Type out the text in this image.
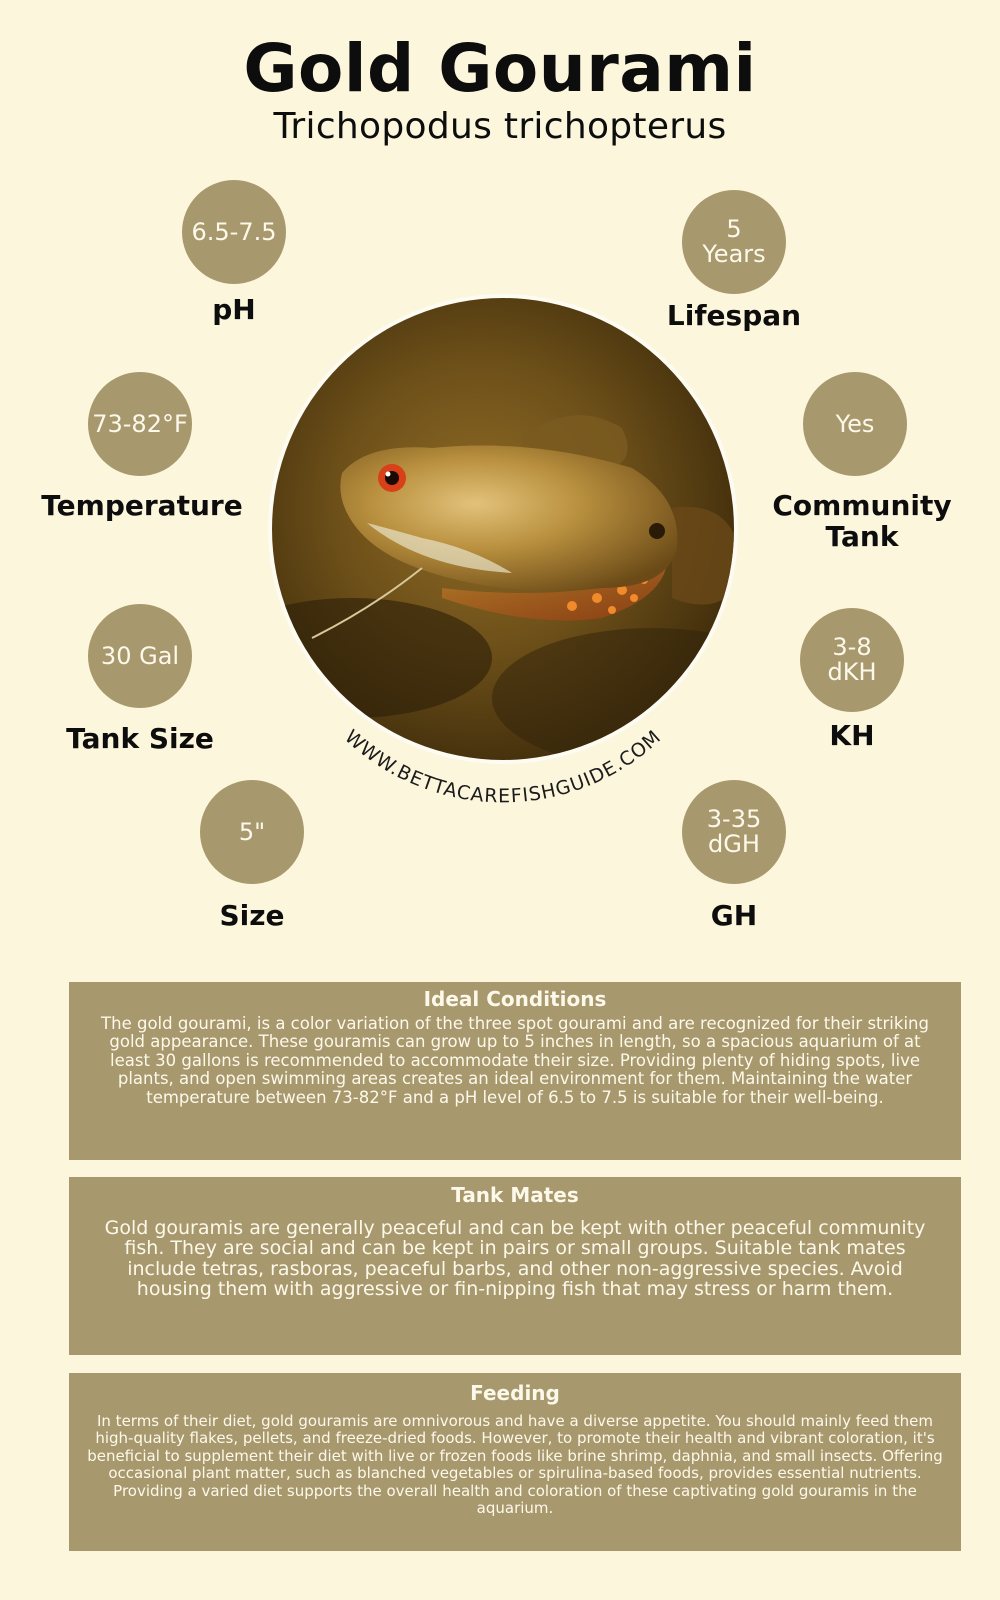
Gold Gourami
Trichopodus trichopterus
6.5-7.5
pH
5
Years
Lifespan
73-82°F
Temperature
Yes
Community
Tank
30 Gal
Tank Size
3-8
dKH
KH
5"
Size
3-35
dGH
GH
WWW.BETTACAREFISHGUIDE.COM
Ideal Conditions
The gold gourami, is a color variation of the three spot gourami and are recognized for their striking gold appearance. These gouramis can grow up to 5 inches in length, so a spacious aquarium of at least 30 gallons is recommended to accommodate their size. Providing plenty of hiding spots, live plants, and open swimming areas creates an ideal environment for them. Maintaining the water temperature between 73-82°F and a pH level of 6.5 to 7.5 is suitable for their well-being.
Tank Mates
Gold gouramis are generally peaceful and can be kept with other peaceful community fish. They are social and can be kept in pairs or small groups. Suitable tank mates include tetras, rasboras, peaceful barbs, and other non-aggressive species. Avoid housing them with aggressive or fin-nipping fish that may stress or harm them.
Feeding
In terms of their diet, gold gouramis are omnivorous and have a diverse appetite. You should mainly feed them high-quality flakes, pellets, and freeze-dried foods. However, to promote their health and vibrant coloration, it's beneficial to supplement their diet with live or frozen foods like brine shrimp, daphnia, and small insects. Offering occasional plant matter, such as blanched vegetables or spirulina-based foods, provides essential nutrients. Providing a varied diet supports the overall health and coloration of these captivating gold gouramis in the aquarium.
